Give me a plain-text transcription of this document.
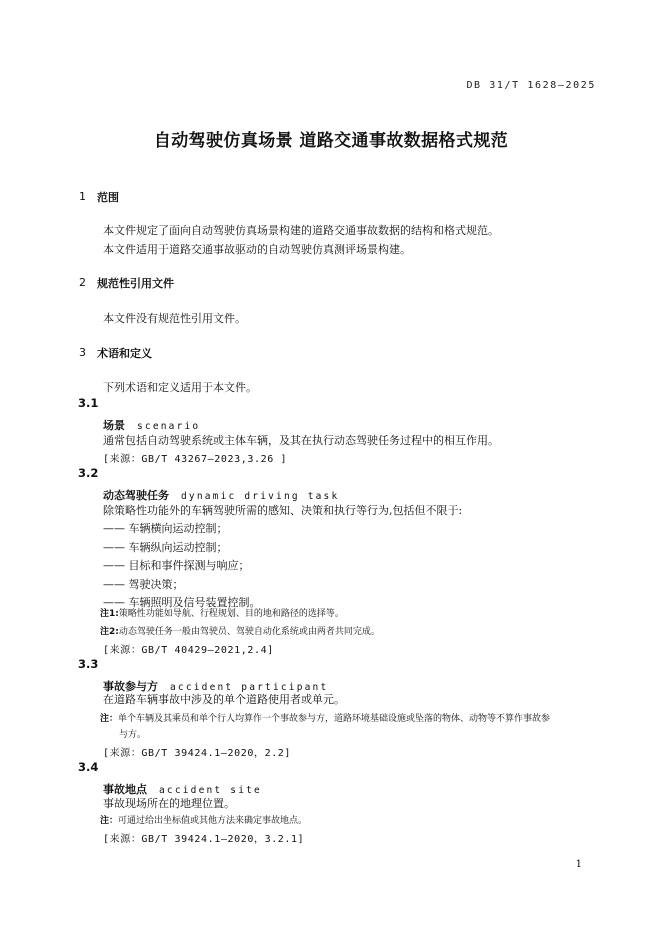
DB 31/T 1628—2025
自动驾驶仿真场景 道路交通事故数据格式规范
1 范围
本文件规定了面向自动驾驶仿真场景构建的道路交通事故数据的结构和格式规范。
本文件适用于道路交通事故驱动的自动驾驶仿真测评场景构建。
2 规范性引用文件
本文件没有规范性引用文件。
3 术语和定义
下列术语和定义适用于本文件。
3.1
场景 scenario
通常包括自动驾驶系统或主体车辆，及其在执行动态驾驶任务过程中的相互作用。
[来源：GB/T 43267—2023,3.26 ]
3.2
动态驾驶任务 dynamic driving task
除策略性功能外的车辆驾驶所需的感知、决策和执行等行为,包括但不限于:
—— 车辆横向运动控制；
—— 车辆纵向运动控制；
—— 目标和事件探测与响应；
—— 驾驶决策；
—— 车辆照明及信号装置控制。
注1:策略性功能如导航、行程规划、目的地和路径的选择等。
注2:动态驾驶任务一般由驾驶员、驾驶自动化系统或由两者共同完成。
[来源：GB/T 40429—2021,2.4]
3.3
事故参与方 accident participant
在道路车辆事故中涉及的单个道路使用者或单元。
注：单个车辆及其乘员和单个行人均算作一个事故参与方，道路环境基础设施或坠落的物体、动物等不算作事故参
与方。
[来源：GB/T 39424.1—2020，2.2]
3.4
事故地点 accident site
事故现场所在的地理位置。
注：可通过给出坐标值或其他方法来确定事故地点。
[来源：GB/T 39424.1—2020，3.2.1]
1
